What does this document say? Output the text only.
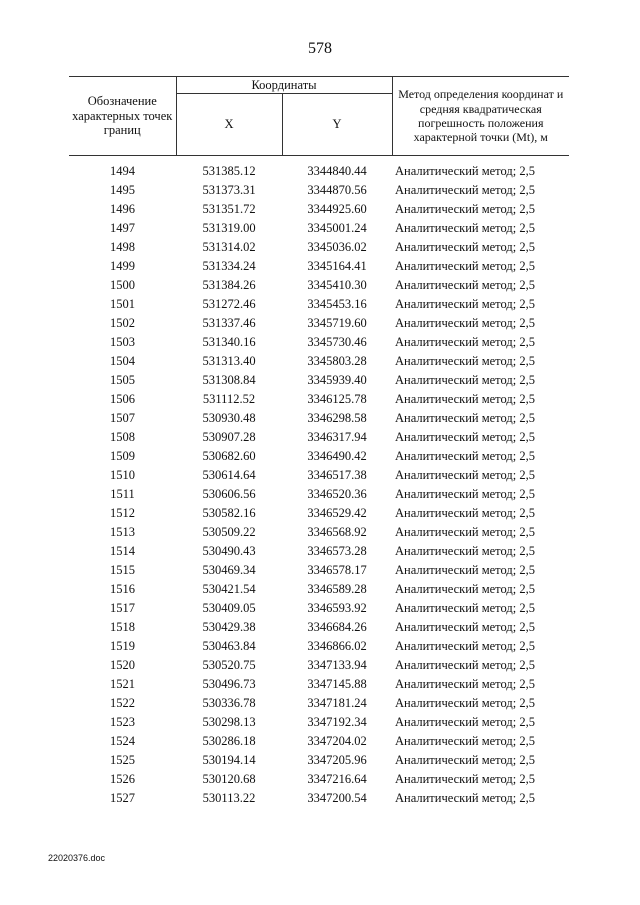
578
Обозначение характерных точек границ	Координаты		Метод определения координат и средняя квадратическая погрешность положения характерной точки (Mt), м
	X	Y	
1494	531385.12	3344840.44	Аналитический метод; 2,5
1495	531373.31	3344870.56	Аналитический метод; 2,5
1496	531351.72	3344925.60	Аналитический метод; 2,5
1497	531319.00	3345001.24	Аналитический метод; 2,5
1498	531314.02	3345036.02	Аналитический метод; 2,5
1499	531334.24	3345164.41	Аналитический метод; 2,5
1500	531384.26	3345410.30	Аналитический метод; 2,5
1501	531272.46	3345453.16	Аналитический метод; 2,5
1502	531337.46	3345719.60	Аналитический метод; 2,5
1503	531340.16	3345730.46	Аналитический метод; 2,5
1504	531313.40	3345803.28	Аналитический метод; 2,5
1505	531308.84	3345939.40	Аналитический метод; 2,5
1506	531112.52	3346125.78	Аналитический метод; 2,5
1507	530930.48	3346298.58	Аналитический метод; 2,5
1508	530907.28	3346317.94	Аналитический метод; 2,5
1509	530682.60	3346490.42	Аналитический метод; 2,5
1510	530614.64	3346517.38	Аналитический метод; 2,5
1511	530606.56	3346520.36	Аналитический метод; 2,5
1512	530582.16	3346529.42	Аналитический метод; 2,5
1513	530509.22	3346568.92	Аналитический метод; 2,5
1514	530490.43	3346573.28	Аналитический метод; 2,5
1515	530469.34	3346578.17	Аналитический метод; 2,5
1516	530421.54	3346589.28	Аналитический метод; 2,5
1517	530409.05	3346593.92	Аналитический метод; 2,5
1518	530429.38	3346684.26	Аналитический метод; 2,5
1519	530463.84	3346866.02	Аналитический метод; 2,5
1520	530520.75	3347133.94	Аналитический метод; 2,5
1521	530496.73	3347145.88	Аналитический метод; 2,5
1522	530336.78	3347181.24	Аналитический метод; 2,5
1523	530298.13	3347192.34	Аналитический метод; 2,5
1524	530286.18	3347204.02	Аналитический метод; 2,5
1525	530194.14	3347205.96	Аналитический метод; 2,5
1526	530120.68	3347216.64	Аналитический метод; 2,5
1527	530113.22	3347200.54	Аналитический метод; 2,5
22020376.doc
